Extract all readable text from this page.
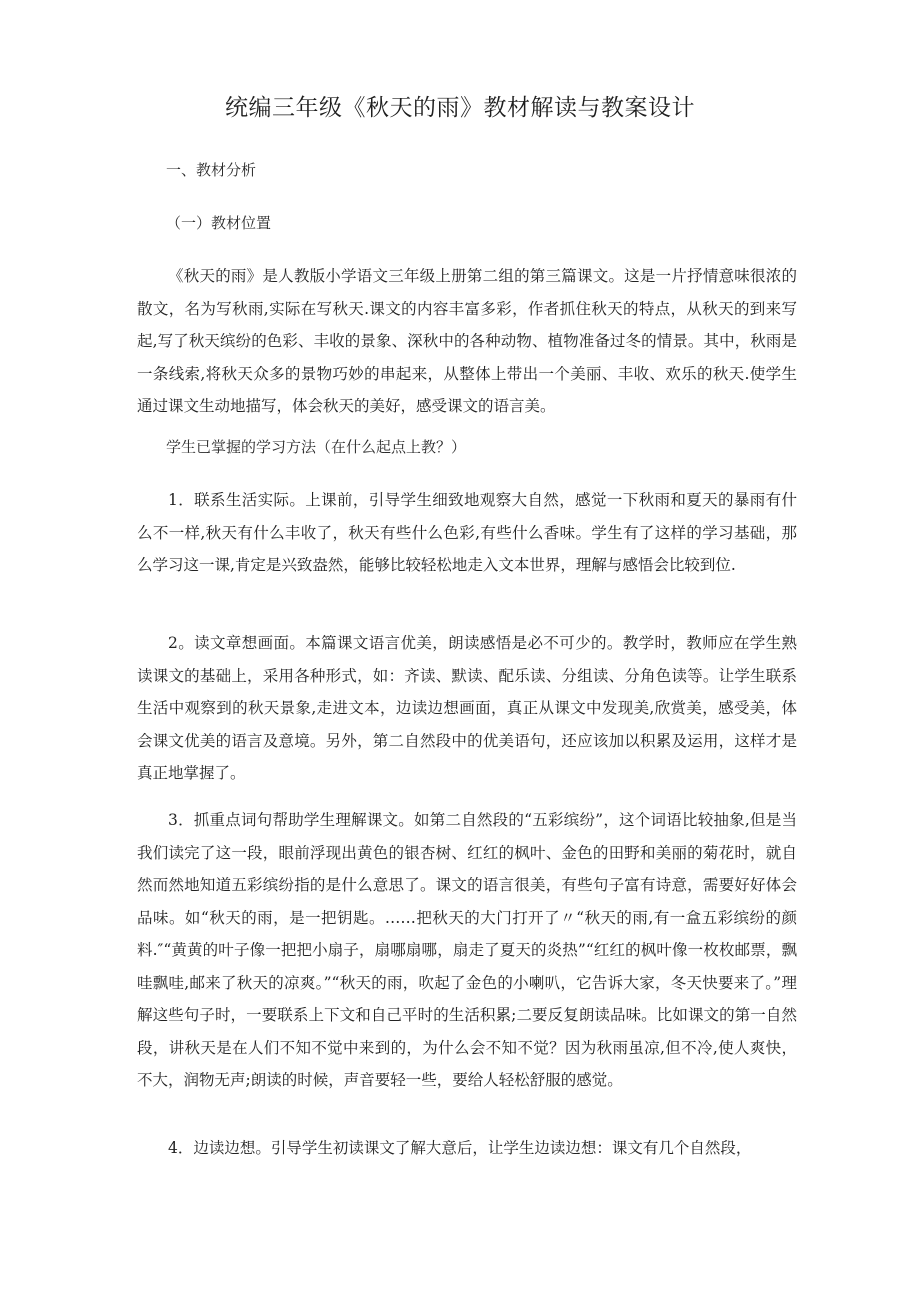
统编三年级《秋天的雨》教材解读与教案设计
一、教材分析
（一）教材位置

《秋天的雨》是人教版小学语文三年级上册第二组的第三篇课文。这是一片抒情意味很浓的散文，名为写秋雨,实际在写秋天.课文的内容丰富多彩，作者抓住秋天的特点，从秋天的到来写起,写了秋天缤纷的色彩、丰收的景象、深秋中的各种动物、植物准备过冬的情景。其中，秋雨是一条线索,将秋天众多的景物巧妙的串起来，从整体上带出一个美丽、丰收、欢乐的秋天.使学生通过课文生动地描写，体会秋天的美好，感受课文的语言美。

学生已掌握的学习方法（在什么起点上教？）

1．联系生活实际。上课前，引导学生细致地观察大自然，感觉一下秋雨和夏天的暴雨有什么不一样,秋天有什么丰收了，秋天有些什么色彩,有些什么香味。学生有了这样的学习基础，那么学习这一课,肯定是兴致盎然，能够比较轻松地走入文本世界，理解与感悟会比较到位.

2。读文章想画面。本篇课文语言优美，朗读感悟是必不可少的。教学时，教师应在学生熟读课文的基础上，采用各种形式，如：齐读、默读、配乐读、分组读、分角色读等。让学生联系生活中观察到的秋天景象,走进文本，边读边想画面，真正从课文中发现美,欣赏美，感受美，体会课文优美的语言及意境。另外，第二自然段中的优美语句，还应该加以积累及运用，这样才是真正地掌握了。

3．抓重点词句帮助学生理解课文。如第二自然段的“五彩缤纷”，这个词语比较抽象,但是当我们读完了这一段，眼前浮现出黄色的银杏树、红红的枫叶、金色的田野和美丽的菊花时，就自然而然地知道五彩缤纷指的是什么意思了。课文的语言很美，有些句子富有诗意，需要好好体会品味。如“秋天的雨，是一把钥匙。……把秋天的大门打开了〃“秋天的雨,有一盒五彩缤纷的颜料.″“黄黄的叶子像一把把小扇子，扇哪扇哪，扇走了夏天的炎热”“红红的枫叶像一枚枚邮票，飘哇飘哇,邮来了秋天的凉爽。”“秋天的雨，吹起了金色的小喇叭，它告诉大家，冬天快要来了。”理解这些句子时，一要联系上下文和自己平时的生活积累;二要反复朗读品味。比如课文的第一自然段，讲秋天是在人们不知不觉中来到的，为什么会不知不觉？因为秋雨虽凉,但不冷,使人爽快，不大，润物无声;朗读的时候，声音要轻一些，要给人轻松舒服的感觉。

4．边读边想。引导学生初读课文了解大意后，让学生边读边想：课文有几个自然段，
